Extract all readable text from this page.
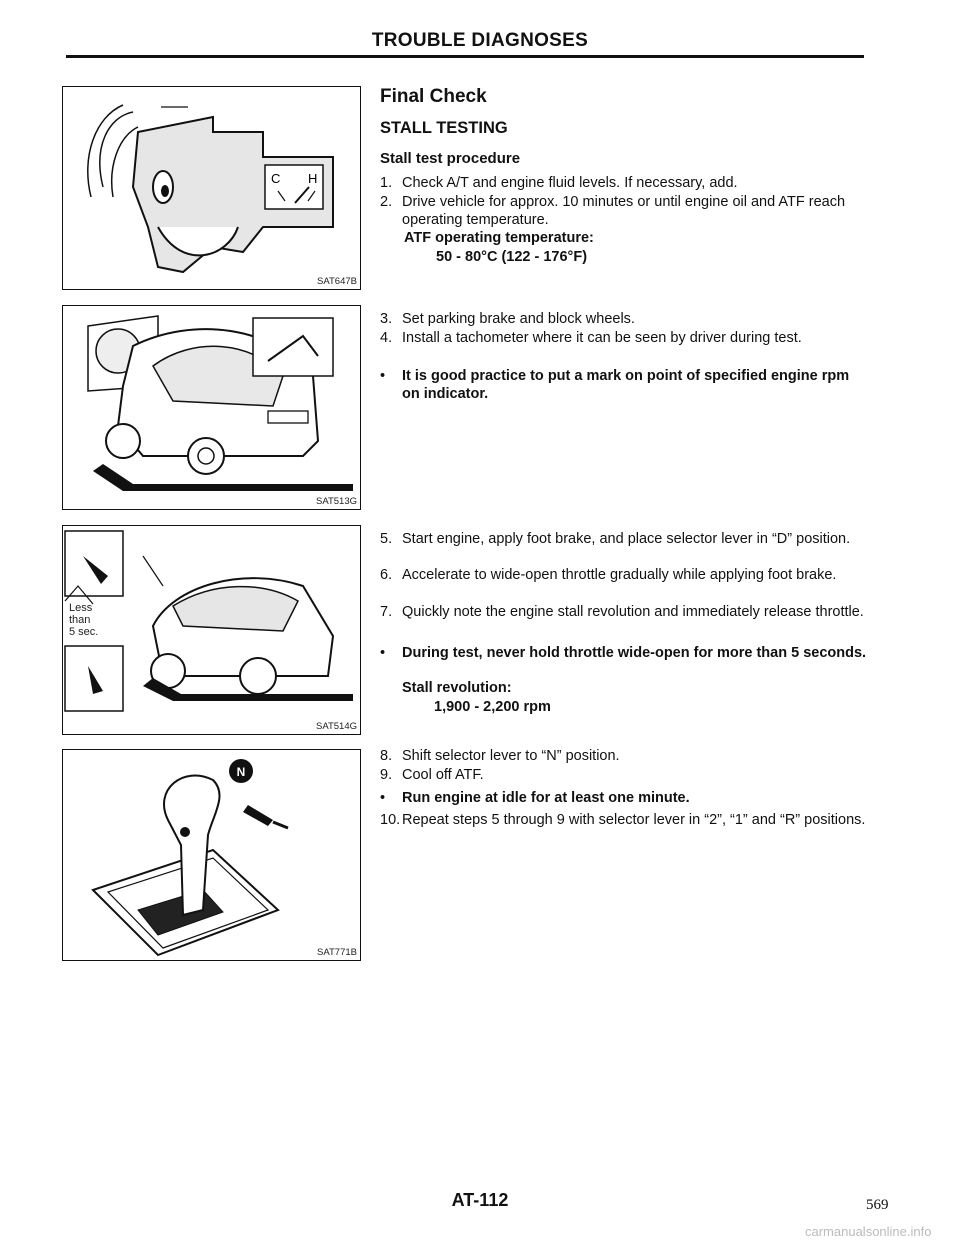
TROUBLE DIAGNOSES
C H
SAT647B
SAT513G
Less
than
5 sec.
SAT514G
N
SAT771B
Final Check
STALL TESTING
Stall test procedure
1. Check A/T and engine fluid levels. If necessary, add.
2. Drive vehicle for approx. 10 minutes or until engine oil and ATF reach operating temperature.
ATF operating temperature:
50 - 80°C (122 - 176°F)
3. Set parking brake and block wheels.
4. Install a tachometer where it can be seen by driver during test.
•	It is good practice to put a mark on point of specified engine rpm on indicator.
5. Start engine, apply foot brake, and place selector lever in “D” position.
6. Accelerate to wide-open throttle gradually while applying foot brake.
7. Quickly note the engine stall revolution and immediately release throttle.
•	During test, never hold throttle wide-open for more than 5 seconds.
Stall revolution:
1,900 - 2,200 rpm
8. Shift selector lever to “N” position.
9. Cool off ATF.
•	Run engine at idle for at least one minute.
10. Repeat steps 5 through 9 with selector lever in “2”, “1” and “R” positions.
AT-112	569
carmanualsonline.info
